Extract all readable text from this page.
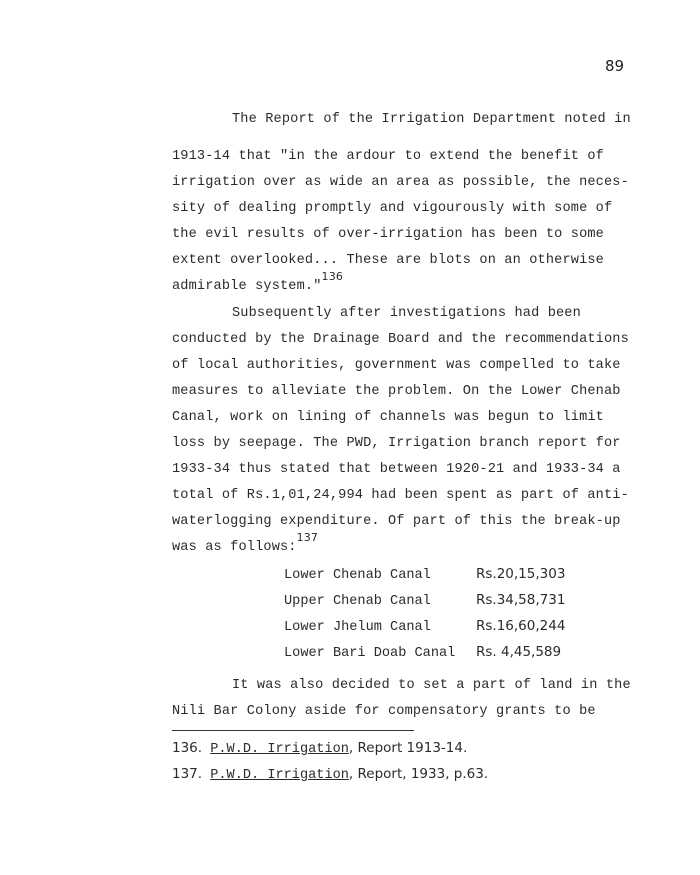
89
The Report of the Irrigation Department noted in
1913-14 that "in the ardour to extend the benefit of
irrigation over as wide an area as possible, the neces-
sity of dealing promptly and vigourously with some of
the evil results of over-irrigation has been to some
extent overlooked... These are blots on an otherwise
admirable system."$^{136}$
Subsequently after investigations had been
conducted by the Drainage Board and the recommendations
of local authorities, government was compelled to take
measures to alleviate the problem. On the Lower Chenab
Canal, work on lining of channels was begun to limit
loss by seepage. The PWD, Irrigation branch report for
1933-34 thus stated that between 1920-21 and 1933-34 a
total of Rs.1,01,24,994 had been spent as part of anti-
waterlogging expenditure. Of part of this the break-up
was as follows:$^{137}$
Lower Chenab Canal	Rs.20,15,303
Upper Chenab Canal	Rs.34,58,731
Lower Jhelum Canal	Rs.16,60,244
Lower Bari Doab Canal Rs. 4,45,589
It was also decided to set a part of land in the
Nili Bar Colony aside for compensatory grants to be
136. P.W.D. Irrigation, Report 1913-14.
137. P.W.D. Irrigation, Report, 1933, p.63.
